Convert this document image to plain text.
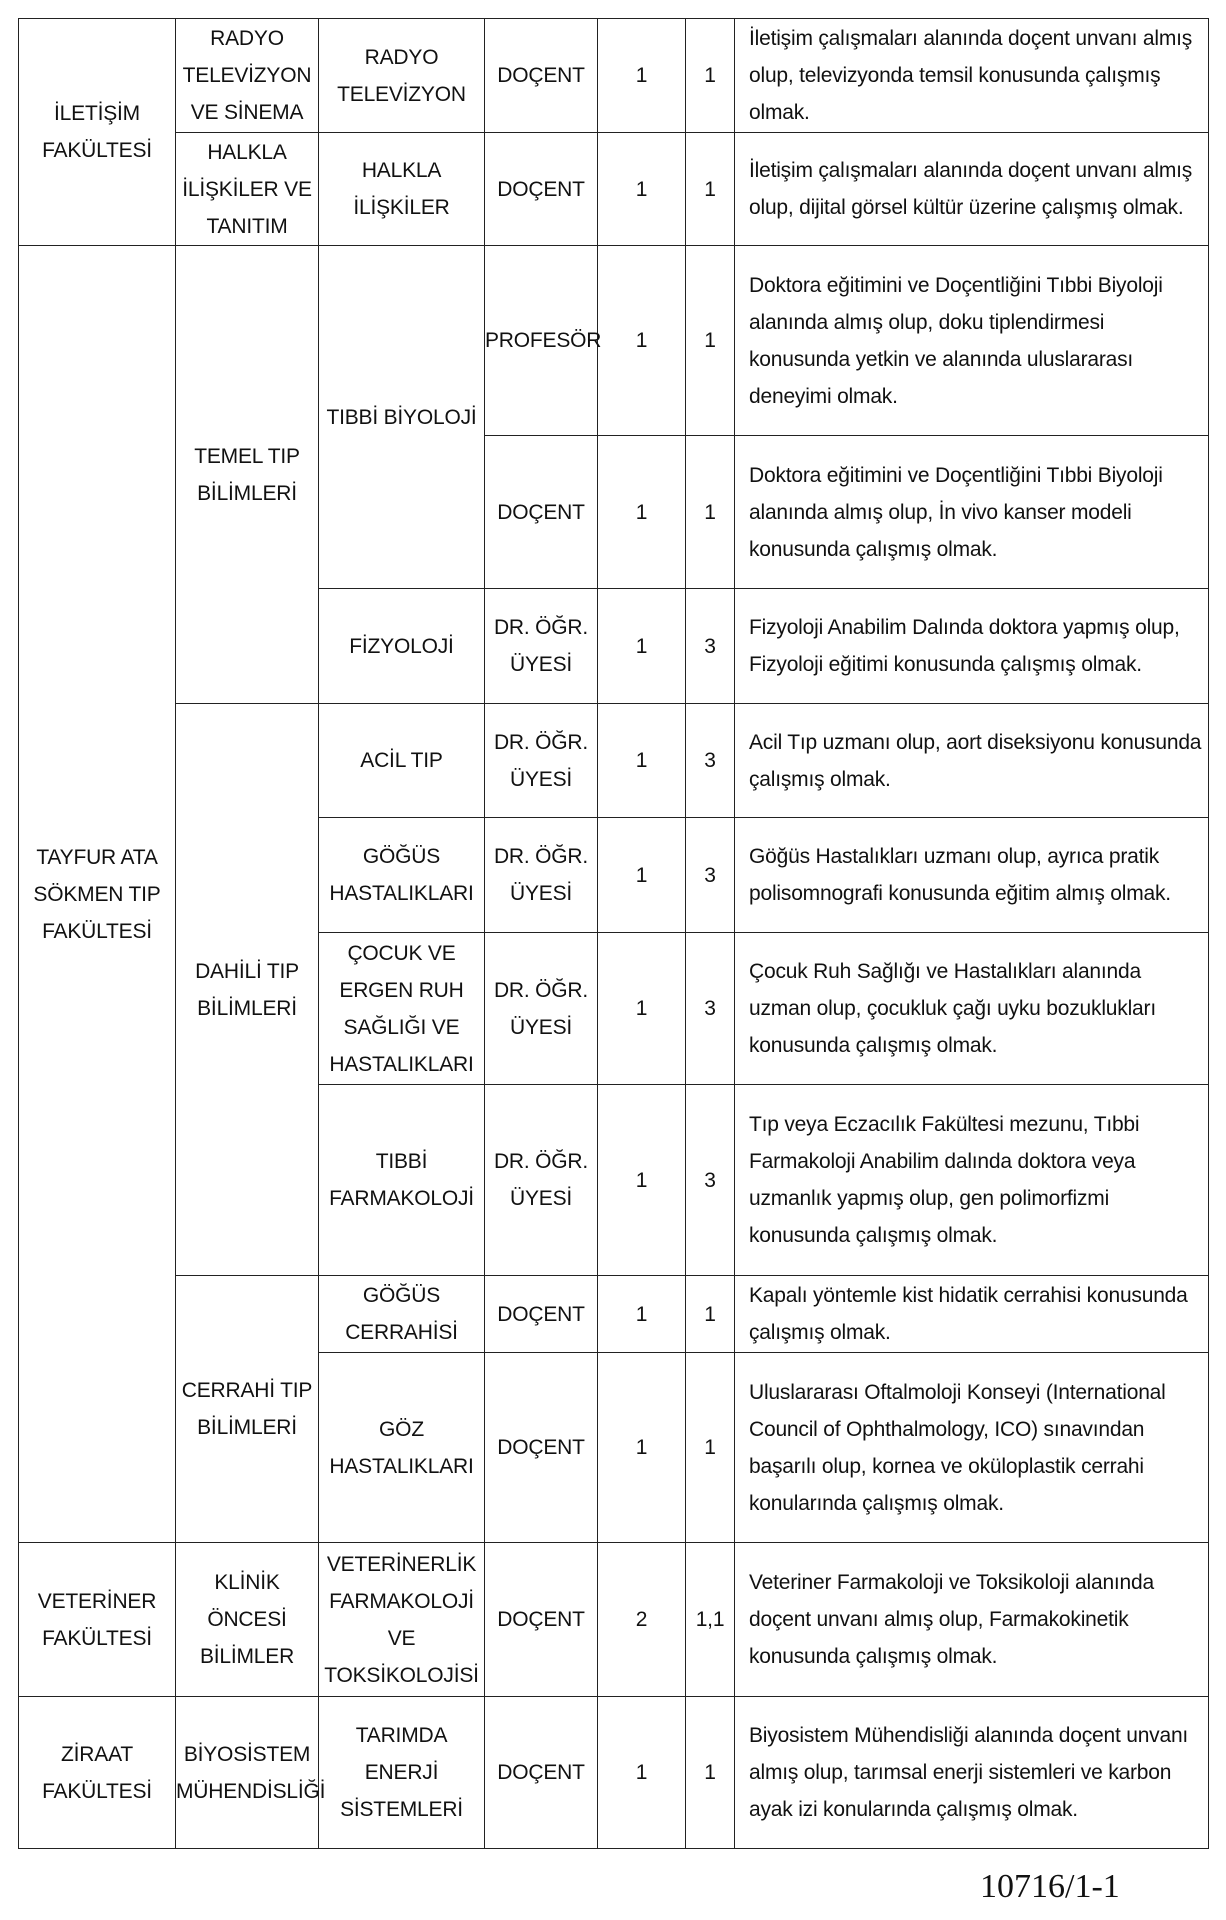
İLETİŞİM FAKÜLTESİ	RADYO TELEVİZYON VE SİNEMA	RADYO TELEVİZYON	DOÇENT	1	1	İletişim çalışmaları alanında doçent unvanı almış olup, televizyonda temsil konusunda çalışmış olmak.
	HALKLA İLİŞKİLER VE TANITIM	HALKLA İLİŞKİLER	DOÇENT	1	1	İletişim çalışmaları alanında doçent unvanı almış olup, dijital görsel kültür üzerine çalışmış olmak.
TAYFUR ATA SÖKMEN TIP FAKÜLTESİ	TEMEL TIP BİLİMLERİ	TIBBİ BİYOLOJİ	PROFESÖR	1	1	Doktora eğitimini ve Doçentliğini Tıbbi Biyoloji alanında almış olup, doku tiplendirmesi konusunda yetkin ve alanında uluslararası deneyimi olmak.
			DOÇENT	1	1	Doktora eğitimini ve Doçentliğini Tıbbi Biyoloji alanında almış olup, İn vivo kanser modeli konusunda çalışmış olmak.
		FİZYOLOJİ	DR. ÖĞR. ÜYESİ	1	3	Fizyoloji Anabilim Dalında doktora yapmış olup, Fizyoloji eğitimi konusunda çalışmış olmak.
	DAHİLİ TIP BİLİMLERİ	ACİL TIP	DR. ÖĞR. ÜYESİ	1	3	Acil Tıp uzmanı olup, aort diseksiyonu konusunda çalışmış olmak.
		GÖĞÜS HASTALIKLARI	DR. ÖĞR. ÜYESİ	1	3	Göğüs Hastalıkları uzmanı olup, ayrıca pratik polisomnografi konusunda eğitim almış olmak.
		ÇOCUK VE ERGEN RUH SAĞLIĞI VE HASTALIKLARI	DR. ÖĞR. ÜYESİ	1	3	Çocuk Ruh Sağlığı ve Hastalıkları alanında uzman olup, çocukluk çağı uyku bozuklukları konusunda çalışmış olmak.
		TIBBİ FARMAKOLOJİ	DR. ÖĞR. ÜYESİ	1	3	Tıp veya Eczacılık Fakültesi mezunu, Tıbbi Farmakoloji Anabilim dalında doktora veya uzmanlık yapmış olup, gen polimorfizmi konusunda çalışmış olmak.
	CERRAHİ TIP BİLİMLERİ	GÖĞÜS CERRAHİSİ	DOÇENT	1	1	Kapalı yöntemle kist hidatik cerrahisi konusunda çalışmış olmak.
		GÖZ HASTALIKLARI	DOÇENT	1	1	Uluslararası Oftalmoloji Konseyi (International Council of Ophthalmology, ICO) sınavından başarılı olup, kornea ve oküloplastik cerrahi konularında çalışmış olmak.
VETERİNER FAKÜLTESİ	KLİNİK ÖNCESİ BİLİMLER	VETERİNERLİK FARMAKOLOJİ VE TOKSİKOLOJİSİ	DOÇENT	2	1,1	Veteriner Farmakoloji ve Toksikoloji alanında doçent unvanı almış olup, Farmakokinetik konusunda çalışmış olmak.
ZİRAAT FAKÜLTESİ	BİYOSİSTEM MÜHENDİSLİĞİ	TARIMDA ENERJİ SİSTEMLERİ	DOÇENT	1	1	Biyosistem Mühendisliği alanında doçent unvanı almış olup, tarımsal enerji sistemleri ve karbon ayak izi konularında çalışmış olmak.
10716/1-1
